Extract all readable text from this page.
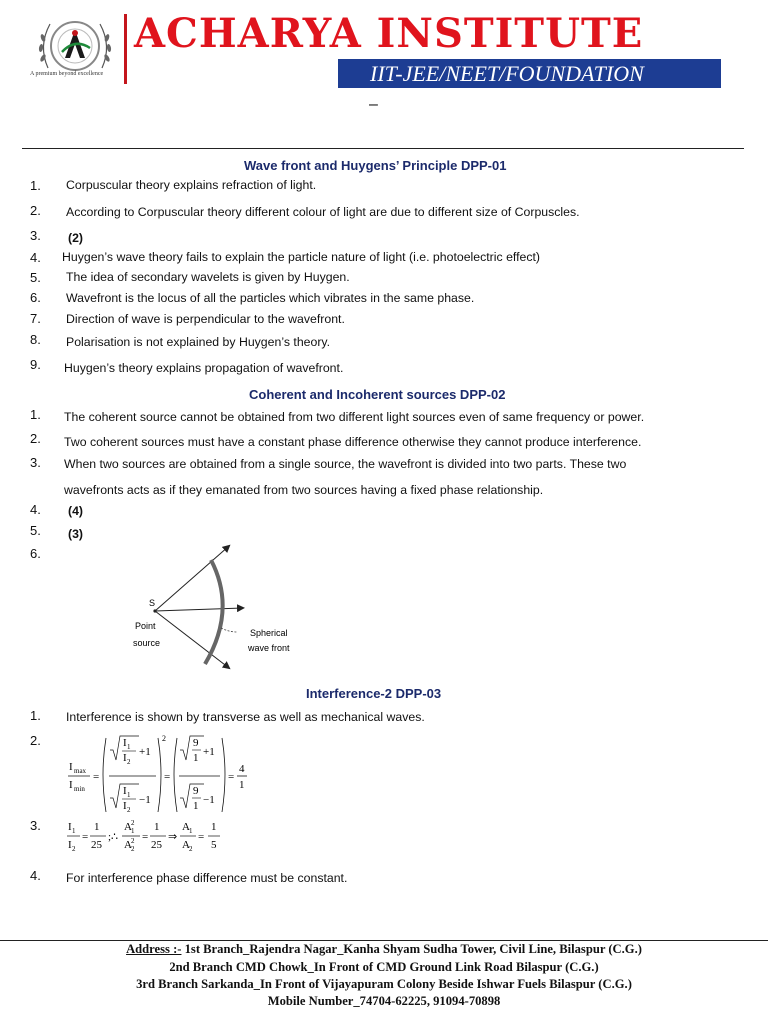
A premium beyond excellence
ACHARYA INSTITUTE
IIT-JEE/NEET/FOUNDATION
–
Wave front and Huygens’ Principle DPP-01
1. Corpuscular theory explains refraction of light.
2. According to Corpuscular theory different colour of light are due to different size of Corpuscles.
3. (2)
4. Huygen’s wave theory fails to explain the particle nature of light (i.e. photoelectric effect)
5. The idea of secondary wavelets is given by Huygen.
6. Wavefront is the locus of all the particles which vibrates in the same phase.
7. Direction of wave is perpendicular to the wavefront.
8. Polarisation is not explained by Huygen’s theory.
9. Huygen’s theory explains propagation of wavefront.
Coherent and Incoherent sources DPP-02
1. The coherent source cannot be obtained from two different light sources even of same frequency or power.
2. Two coherent sources must have a constant phase difference otherwise they cannot produce interference.
3. When two sources are obtained from a single source, the wavefront is divided into two parts. These two
wavefronts acts as if they emanated from two sources having a fixed phase relationship.
4. (4)
5. (3)
6.
S
Point
source
Spherical
wave front
Interference-2 DPP-03
1. Interference is shown by transverse as well as mechanical waves.
2.
I max
I min
=
I 1
I 2
+1
I 1
I 2
−1
2
=
9
1 +1
9
1 −1
=
4
1
3. I 1
I 2
=
1
25
;∴
A 1
2
A 2
2 =
1
25
⇒
A 1
A 2
=
1
5
4. For interference phase difference must be constant.
Address :- 1st Branch_Rajendra Nagar_Kanha Shyam Sudha Tower, Civil Line, Bilaspur (C.G.)
2nd Branch CMD Chowk_In Front of CMD Ground Link Road Bilaspur (C.G.)
3rd Branch Sarkanda_In Front of Vijayapuram Colony Beside Ishwar Fuels Bilaspur (C.G.)
Mobile Number_74704-62225, 91094-70898
